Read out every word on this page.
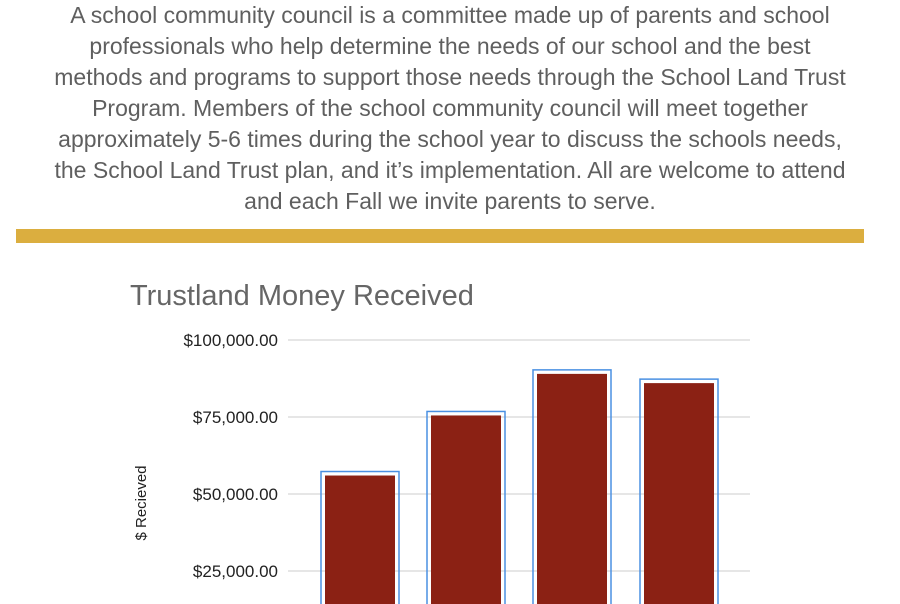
A school community council is a committee made up of parents and school

professionals who help determine the needs of our school and the best

methods and programs to support those needs through the School Land Trust

Program. Members of the school community council will meet together

approximately 5-6 times during the school year to discuss the schools needs,

the School Land Trust plan, and it’s implementation. All are welcome to attend

and each Fall we invite parents to serve.

Trustland Money Received
$25,000.00
$50,000.00
$75,000.00
$100,000.00
$ Recieved
